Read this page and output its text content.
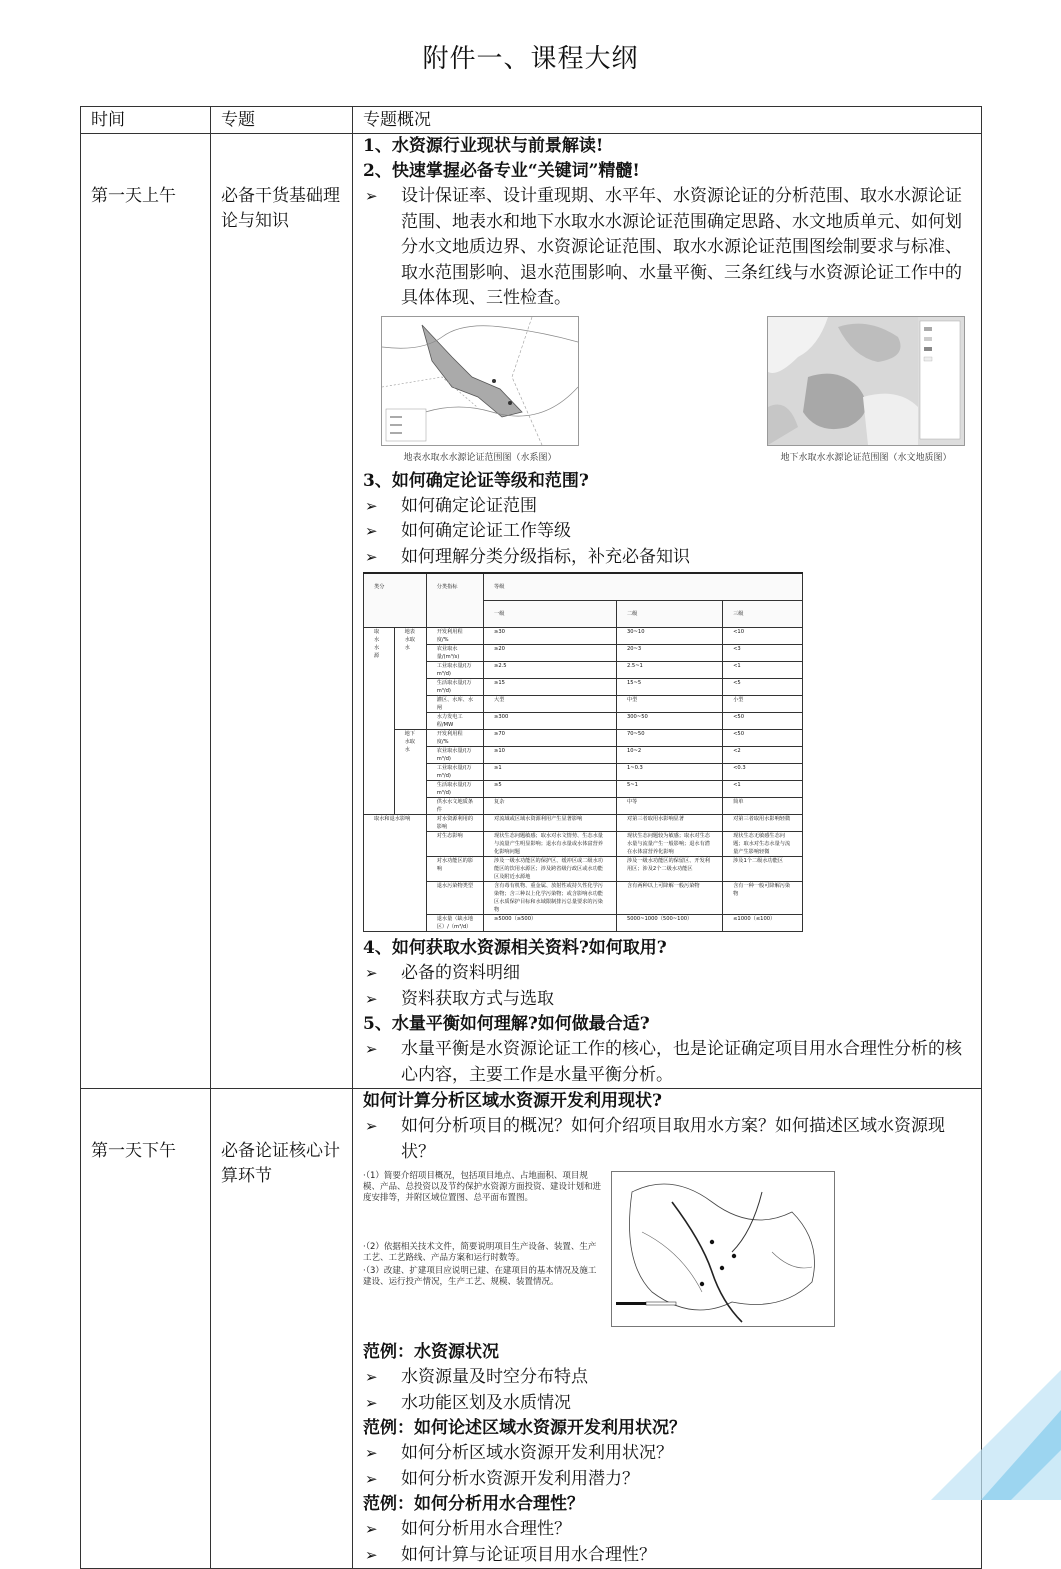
附件一、课程大纲
时间	专题	专题概况

第一天上午	必备干货基础理论与知识

1、水资源行业现状与前景解读!
2、快速掌握必备专业“关键词”精髓!
➢ 设计保证率、设计重现期、水平年、水资源论证的分析范围、取水水源论证范围、地表水和地下水取水水源论证范围确定思路、水文地质单元、如何划分水文地质边界、水资源论证范围、取水水源论证范围图绘制要求与标准、取水范围影响、退水范围影响、水量平衡、三条红线与水资源论证工作中的具体体现、三性检查。
地表水取水水源论证范围图（水系图）	地下水取水水源论证范围图（水文地质图）
3、如何确定论证等级和范围?
➢ 如何确定论证范围
➢ 如何确定论证工作等级
➢ 如何理解分类分级指标，补充必备知识
类分	分类指标	等级
一级	二级	三级
取水水源	地表水取水	开发利用程度/%	≥30	30~10	<10
农业取水量/(m³/s)	≥20	20~3	<3
工业取水量/(万m³/d)	≥2.5	2.5~1	<1
生活取水量/(万m³/d)	≥15	15~5	<5
灌区、水库、水闸	大型	中型	小型
水力发电工程/MW	≥300	300~50	<50
地下水取水	开发利用程度/%	≥70	70~50	<50
农业取水量/(万m³/d)	≥10	10~2	<2
工业取水量/(万m³/d)	≥1	1~0.3	<0.3
生活取水量/(万m³/d)	≥5	5~1	<1
供水水文地质条件	复杂	中等	简单
取水和退水影响	对水资源利用的影响	对流域或区域水资源利用产生显著影响	对第三者取用水影响显著	对第三者取用水影响轻微
对生态影响	现状生态问题敏感；取水对水文情势、生态水量与流量产生明显影响；退水有水量或水体富营养化影响问题	现状生态问题较为敏感；取水对生态水量与流量产生一般影响；退水有潜在水体富营养化影响	现状生态无敏感生态问题；取水对生态水量与流量产生影响轻微
对水功能区的影响	涉及一级水功能区的保护区、缓冲区或二级水功能区的饮用水源区；涉及跨省级行政区或水功能区及附近水源地	涉及一级水功能区的保留区、开发利用区；涉及2个二级水功能区	涉及1个二级水功能区
退水污染物类型	含有毒有机物、重金属、放射性或持久性化学污染物；含三种以上化学污染物；或含影响水功能区水质保护目标和水域限制排污总量要求的污染物	含有两种以上可降解一般污染物	含有一种一般可降解污染物
退水量（缺水地区）/（m³/d）	≥5000（≥500）	5000~1000（500~100）	≤1000（≤100）
4、如何获取水资源相关资料?如何取用?
➢ 必备的资料明细
➢ 资料获取方式与选取
5、水量平衡如何理解?如何做最合适?
➢ 水量平衡是水资源论证工作的核心，也是论证确定项目用水合理性分析的核心内容，主要工作是水量平衡分析。

第一天下午	必备论证核心计算环节

如何计算分析区域水资源开发利用现状?
➢ 如何分析项目的概况？如何介绍项目取用水方案？如何描述区域水资源现状？

·（1）简要介绍项目概况，包括项目地点、占地面积、项目规模、产品、总投资以及节约保护水资源方面投资、建设计划和进度安排等，并附区域位置图、总平面布置图。

·（2）依据相关技术文件，简要说明项目生产设备、装置、生产工艺、工艺路线、产品方案和运行时数等。

·（3）改建、扩建项目应说明已建、在建项目的基本情况及施工建设、运行投产情况，生产工艺、规模、装置情况。

范例：水资源状况
➢ 水资源量及时空分布特点
➢ 水功能区划及水质情况
范例：如何论述区域水资源开发利用状况？
➢ 如何分析区域水资源开发利用状况？
➢ 如何分析水资源开发利用潜力？
范例：如何分析用水合理性？
➢ 如何分析用水合理性？
➢ 如何计算与论证项目用水合理性？
